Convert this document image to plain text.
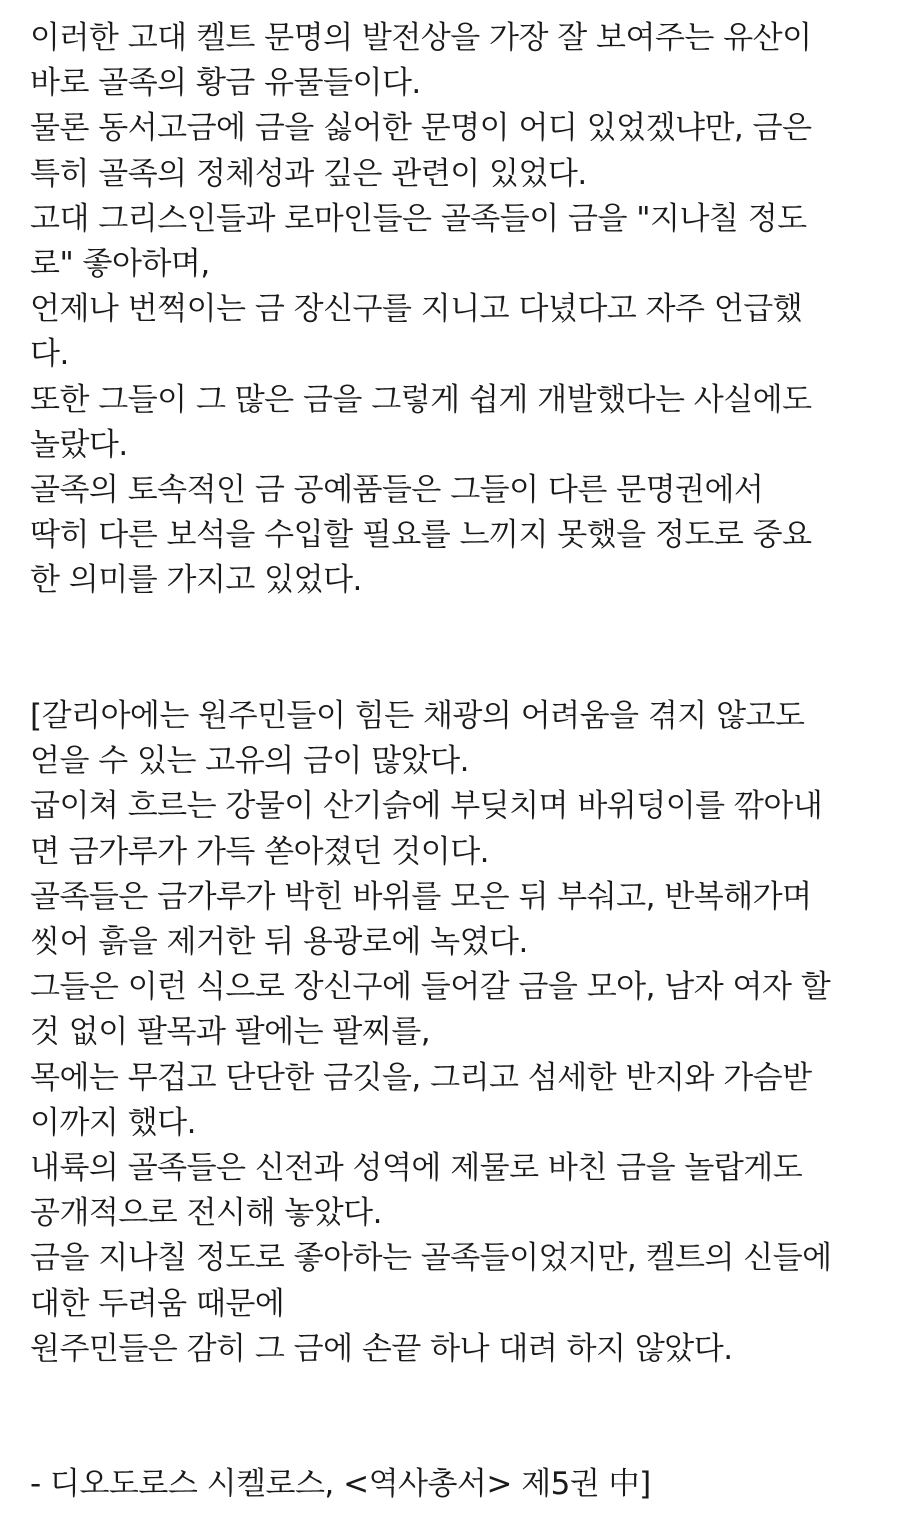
이러한 고대 켈트 문명의 발전상을 가장 잘 보여주는 유산이
바로 골족의 황금 유물들이다.
물론 동서고금에 금을 싫어한 문명이 어디 있었겠냐만, 금은
특히 골족의 정체성과 깊은 관련이 있었다.
고대 그리스인들과 로마인들은 골족들이 금을 "지나칠 정도
로" 좋아하며,
언제나 번쩍이는 금 장신구를 지니고 다녔다고 자주 언급했
다.
또한 그들이 그 많은 금을 그렇게 쉽게 개발했다는 사실에도
놀랐다.
골족의 토속적인 금 공예품들은 그들이 다른 문명권에서
딱히 다른 보석을 수입할 필요를 느끼지 못했을 정도로 중요
한 의미를 가지고 있었다.
[갈리아에는 원주민들이 힘든 채광의 어려움을 겪지 않고도
얻을 수 있는 고유의 금이 많았다.
굽이쳐 흐르는 강물이 산기슭에 부딪치며 바위덩이를 깎아내
면 금가루가 가득 쏟아졌던 것이다.
골족들은 금가루가 박힌 바위를 모은 뒤 부숴고, 반복해가며
씻어 흙을 제거한 뒤 용광로에 녹였다.
그들은 이런 식으로 장신구에 들어갈 금을 모아, 남자 여자 할
것 없이 팔목과 팔에는 팔찌를,
목에는 무겁고 단단한 금깃을, 그리고 섬세한 반지와 가슴받
이까지 했다.
내륙의 골족들은 신전과 성역에 제물로 바친 금을 놀랍게도
공개적으로 전시해 놓았다.
금을 지나칠 정도로 좋아하는 골족들이었지만, 켈트의 신들에
대한 두려움 때문에
원주민들은 감히 그 금에 손끝 하나 대려 하지 않았다.
- 디오도로스 시켈로스, <역사총서> 제5권 中]
